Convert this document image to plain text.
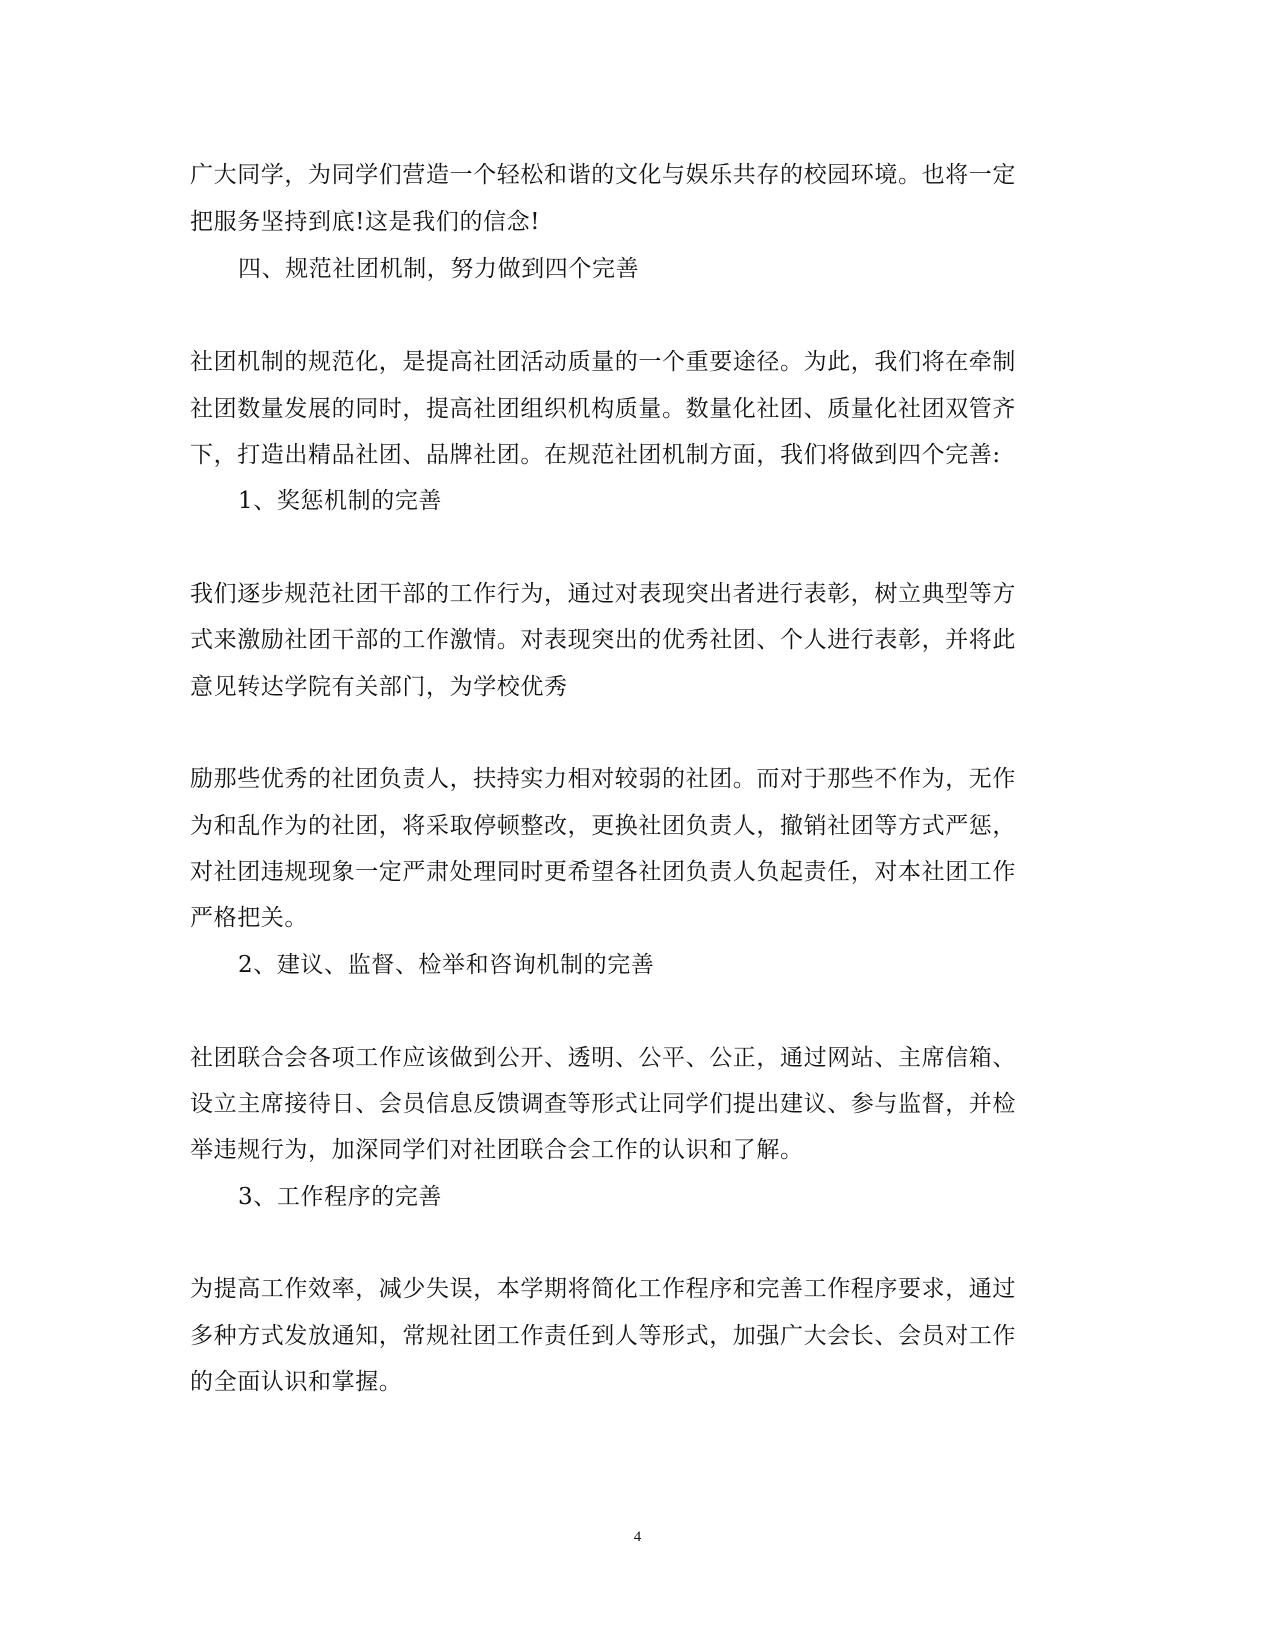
广大同学，为同学们营造一个轻松和谐的文化与娱乐共存的校园环境。也将一定
把服务坚持到底!这是我们的信念!
四、规范社团机制，努力做到四个完善
社团机制的规范化，是提高社团活动质量的一个重要途径。为此，我们将在牵制
社团数量发展的同时，提高社团组织机构质量。数量化社团、质量化社团双管齐
下，打造出精品社团、品牌社团。在规范社团机制方面，我们将做到四个完善:
1、奖惩机制的完善
我们逐步规范社团干部的工作行为，通过对表现突出者进行表彰，树立典型等方
式来激励社团干部的工作激情。对表现突出的优秀社团、个人进行表彰，并将此
意见转达学院有关部门，为学校优秀
励那些优秀的社团负责人，扶持实力相对较弱的社团。而对于那些不作为，无作
为和乱作为的社团，将采取停顿整改，更换社团负责人，撤销社团等方式严惩，
对社团违规现象一定严肃处理同时更希望各社团负责人负起责任，对本社团工作
严格把关。
2、建议、监督、检举和咨询机制的完善
社团联合会各项工作应该做到公开、透明、公平、公正，通过网站、主席信箱、
设立主席接待日、会员信息反馈调查等形式让同学们提出建议、参与监督，并检
举违规行为，加深同学们对社团联合会工作的认识和了解。
3、工作程序的完善
为提高工作效率，减少失误，本学期将简化工作程序和完善工作程序要求，通过
多种方式发放通知，常规社团工作责任到人等形式，加强广大会长、会员对工作
的全面认识和掌握。
4
